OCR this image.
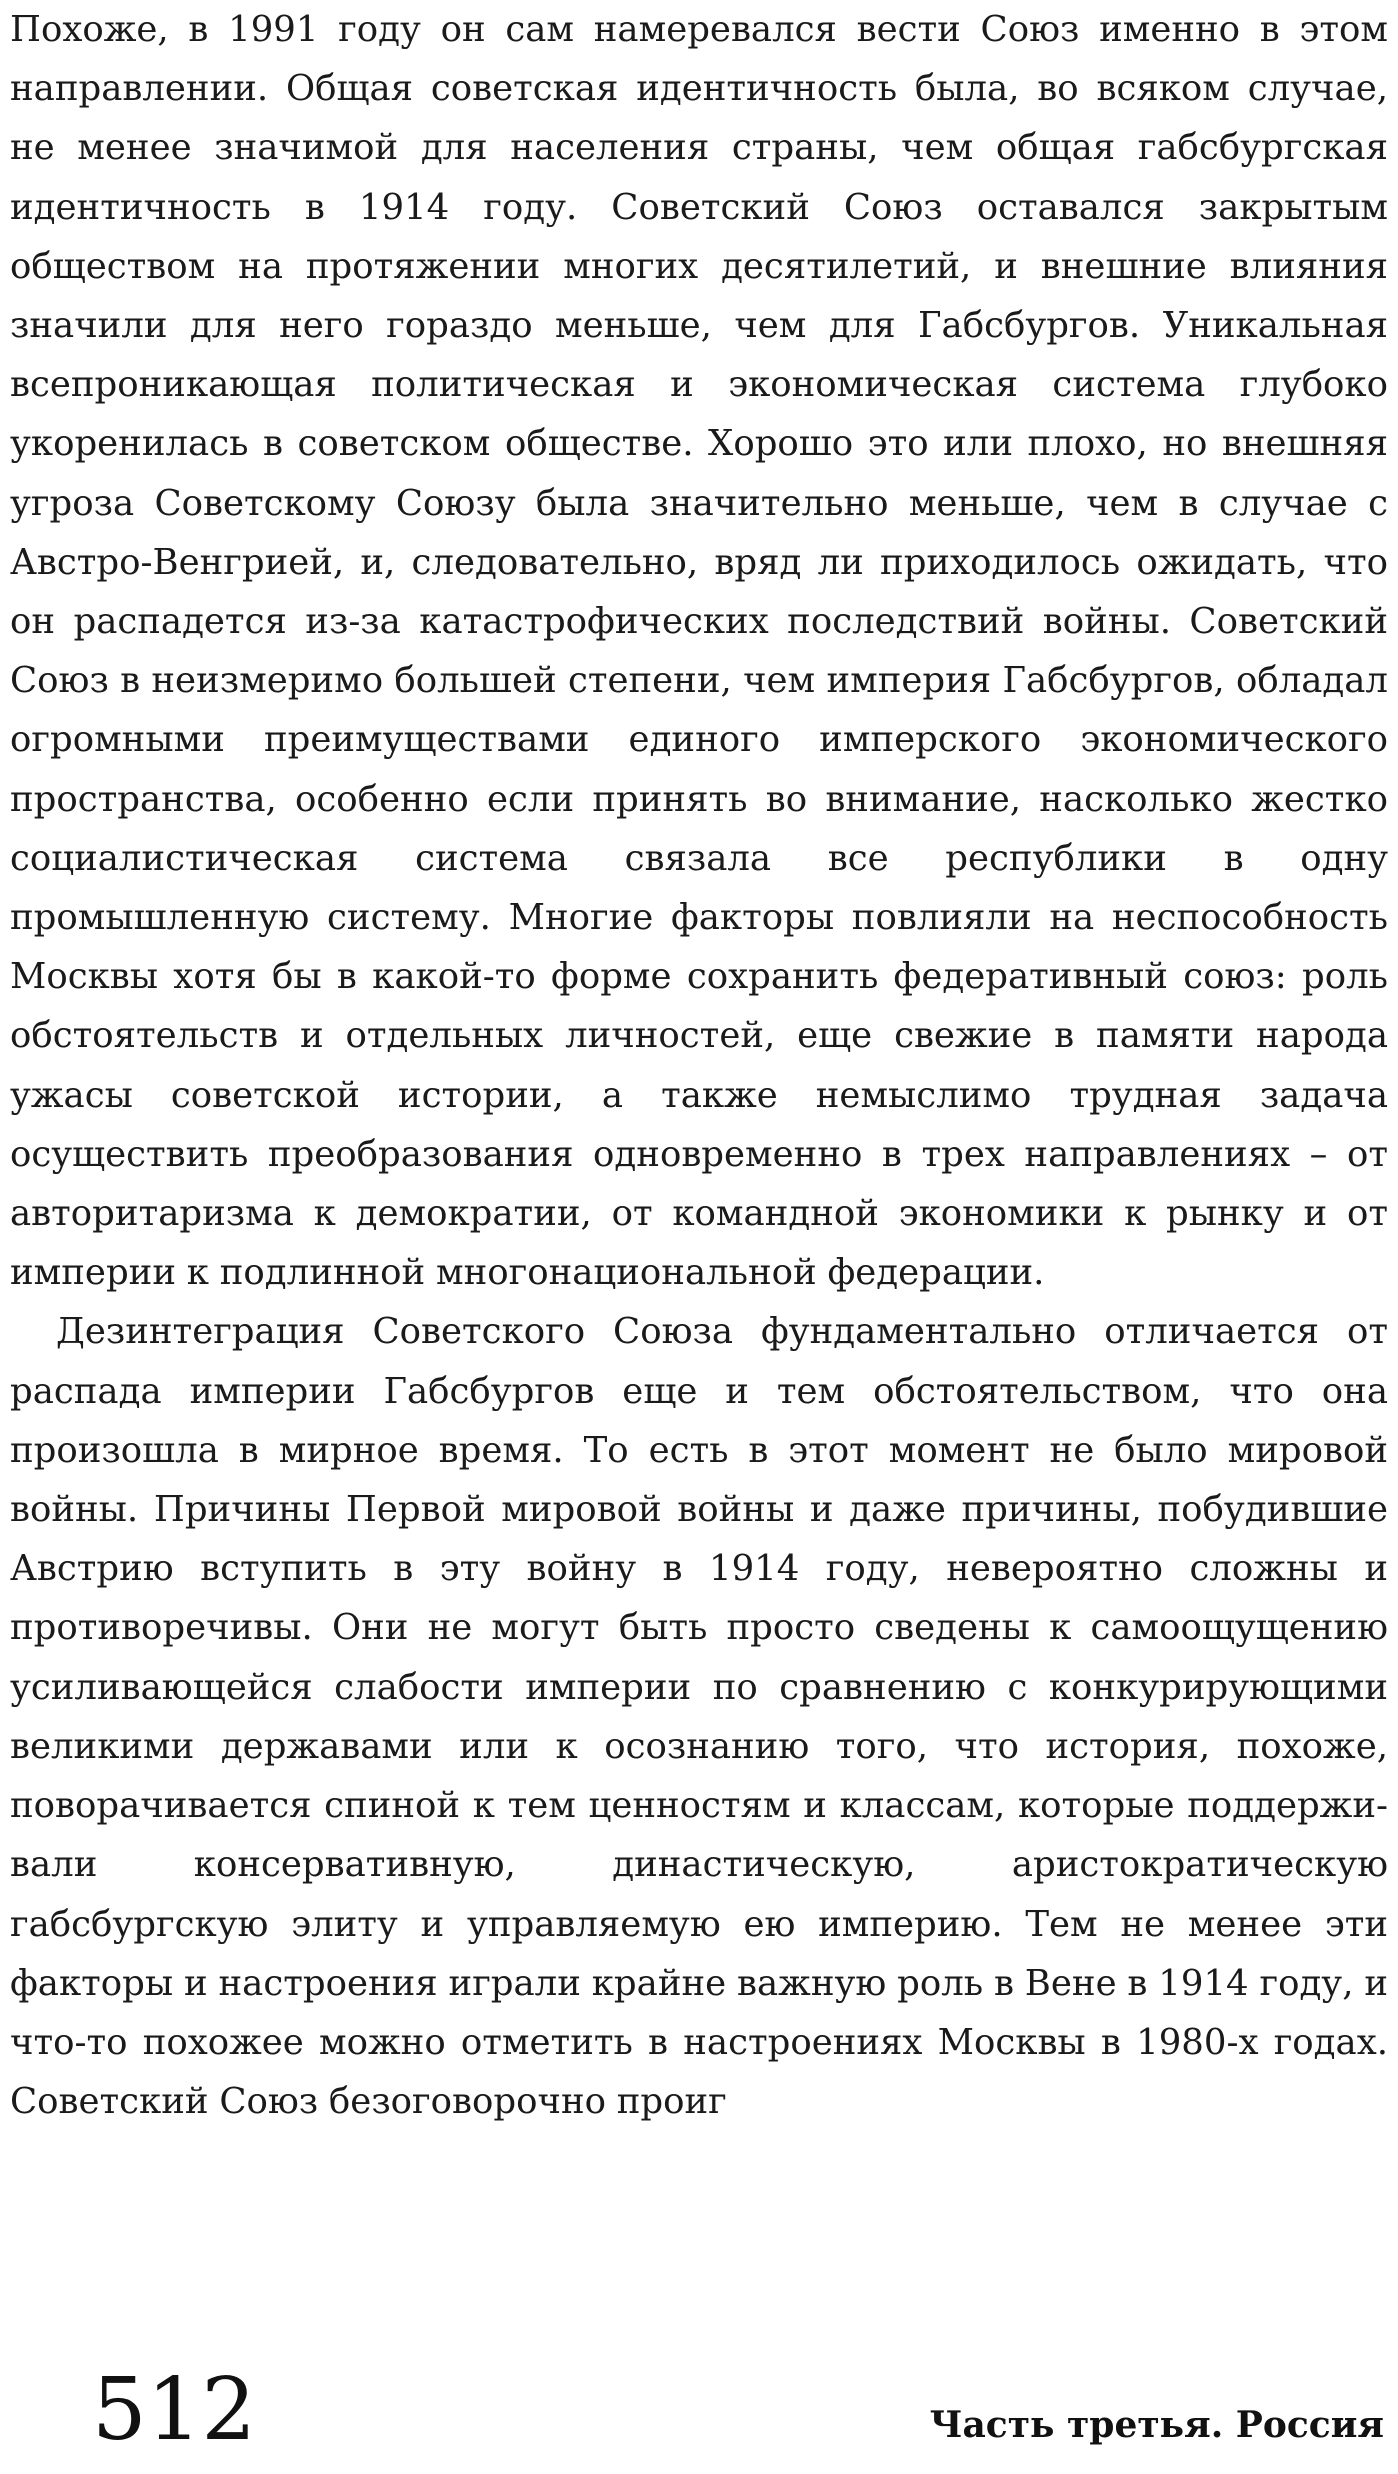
Похоже, в 1991 году он сам намеревался вести Союз именно в этом направлении. Общая советская идентичность была, во всяком случае, не менее значимой для населения страны, чем общая габсбургская идентичность в 1914 году. Советский Союз оставался закрытым обществом на протяжении многих десятилетий, и внешние влияния значили для него гораздо меньше, чем для Габсбургов. Уникальная всепроникающая политическая и экономическая система глубоко укоренилась в советском обществе. Хорошо это или плохо, но внешняя угроза Советскому Союзу была значительно меньше, чем в случае с Австро-Венгрией, и, следовательно, вряд ли приходилось ожидать, что он распадется из-за катастрофических последствий войны. Советский Союз в неизмеримо большей степени, чем империя Габсбургов, обладал огромными преимуществами единого имперского экономического пространства, особенно если принять во внимание, насколько жестко социалистическая система связала все республики в одну промышленную систему. Многие факторы повлияли на неспособность Москвы хотя бы в какой-то форме сохранить федеративный союз: роль обстоятельств и отдельных личностей, еще свежие в памяти народа ужасы советской истории, а также немыслимо трудная задача осуществить преобразования одновременно в трех направлениях – от авторитаризма к демократии, от командной экономики к рынку и от империи к подлинной многонациональной федерации.

Дезинтеграция Советского Союза фундаментально отличается от распада империи Габсбургов еще и тем обстоятельством, что она произошла в мирное время. То есть в этот момент не было мировой войны. Причины Первой мировой войны и даже причины, побудившие Австрию вступить в эту войну в 1914 году, невероятно сложны и противоречивы. Они не могут быть просто сведены к самоощущению усиливающейся слабости империи по сравнению с конкурирующими великими державами или к осознанию того, что история, похоже, поворачивается спиной к тем ценностям и классам, которые поддерживали консервативную, династическую, аристократическую габсбургскую элиту и управляемую ею империю. Тем не менее эти факторы и настроения играли крайне важную роль в Вене в 1914 году, и что-то похожее можно отметить в настроениях Москвы в 1980-х годах. Советский Союз безоговорочно проиг

512	Часть третья. Россия
